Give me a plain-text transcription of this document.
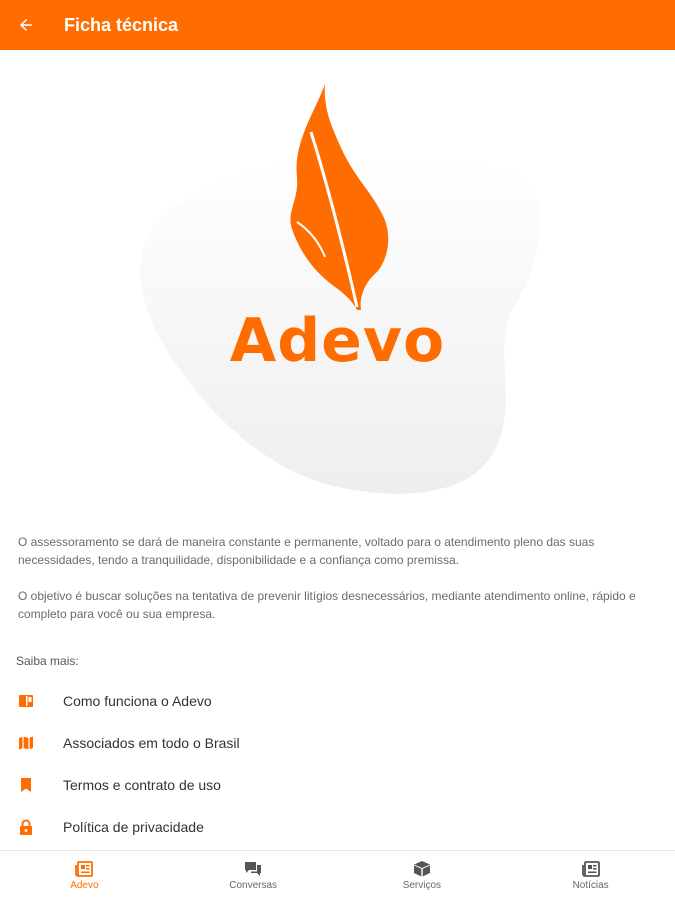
Ficha técnica
Adevo

O assessoramento se dará de maneira constante e permanente, voltado para o atendimento pleno das suas necessidades, tendo a tranquilidade, disponibilidade e a confiança como premissa.

O objetivo é buscar soluções na tentativa de prevenir litígios desnecessários, mediante atendimento online, rápido e completo para você ou sua empresa.

Saiba mais:
Como funciona o Adevo
Associados em todo o Brasil
Termos e contrato de uso
Política de privacidade
Adevo	Conversas	Serviços	Notícias
